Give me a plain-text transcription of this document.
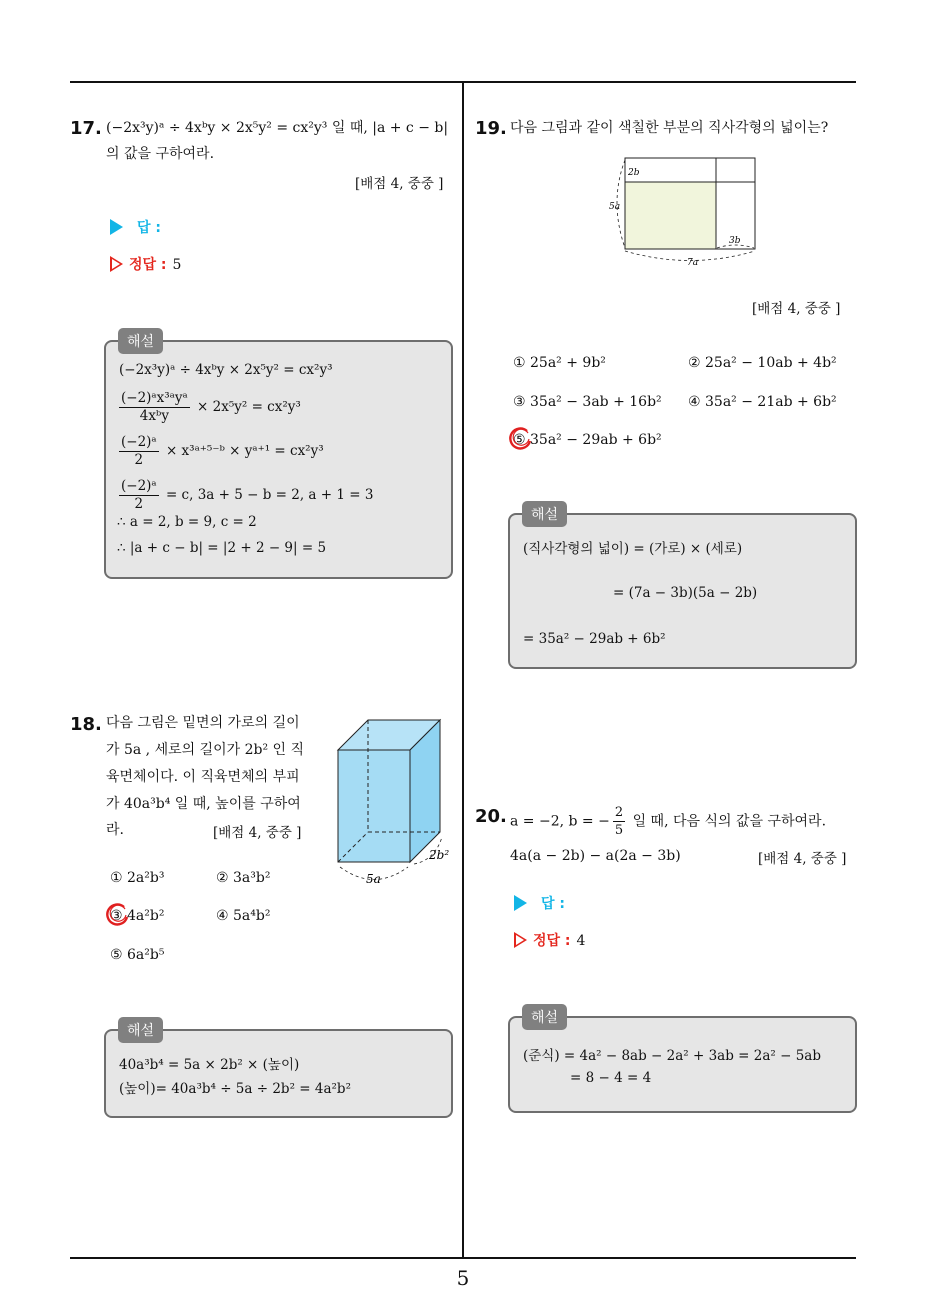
5
17. (−2x³y)ᵃ ÷ 4xᵇy × 2x⁵y² = cx²y³ 일 때, |a + c − b|
의 값을 구하여라.
[배점 4, 중중 ]
답 :
정답 : 5
(−2x³y)ᵃ ÷ 4xᵇy × 2x⁵y² = cx²y³
$\frac{\text{(−2)ᵃx³ᵃyᵃ}}{\text{4xᵇy}} \times 2x^5y^2 = cx^2y^3$
$\frac{\text{(−2)ᵃ}}{2}$ × x³ᵃ⁺⁵⁻ᵇ × yᵃ⁺¹ = cx²y³
$\frac{\text{(−2)ᵃ}}{2} = c$, 3a + 5 − b = 2, a + 1 = 3
∴ a = 2, b = 9, c = 2
∴ |a + c − b| = |2 + 2 − 9| = 5
해설
18. 다음 그림은 밑면의 가로의 길이
가 5a , 세로의 길이가 2b² 인 직
육면체이다. 이 직육면체의 부피
가 40a³b⁴ 일 때, 높이를 구하여
라.	[배점 4, 중중 ]
5a
2b²
① 2a²b³	② 3a³b²
③ 4a²b²	④ 5a⁴b²
⑤ 6a²b⁵
40a³b⁴ = 5a × 2b² × (높이)
(높이)= 40a³b⁴ ÷ 5a ÷ 2b² = 4a²b²
해설
19. 다음 그림과 같이 색칠한 부분의 직사각형의 넓이는?
2b
5a
3b
7a
[배점 4, 중중 ]
① 25a² + 9b²	② 25a² − 10ab + 4b²
③ 35a² − 3ab + 16b² ④ 35a² − 21ab + 6b²
⑤ 35a² − 29ab + 6b²
(직사각형의 넓이) = (가로) × (세로)
= (7a − 3b)(5a − 2b)
= 35a² − 29ab + 6b²
해설
20. a = −2, b = − $\frac{2}{5}$ 일 때, 다음 식의 값을 구하여라.
4a(a − 2b) − a(2a − 3b)	[배점 4, 중중 ]
답 :
정답 : 4
(준식) = 4a² − 8ab − 2a² + 3ab = 2a² − 5ab
= 8 − 4 = 4
해설
